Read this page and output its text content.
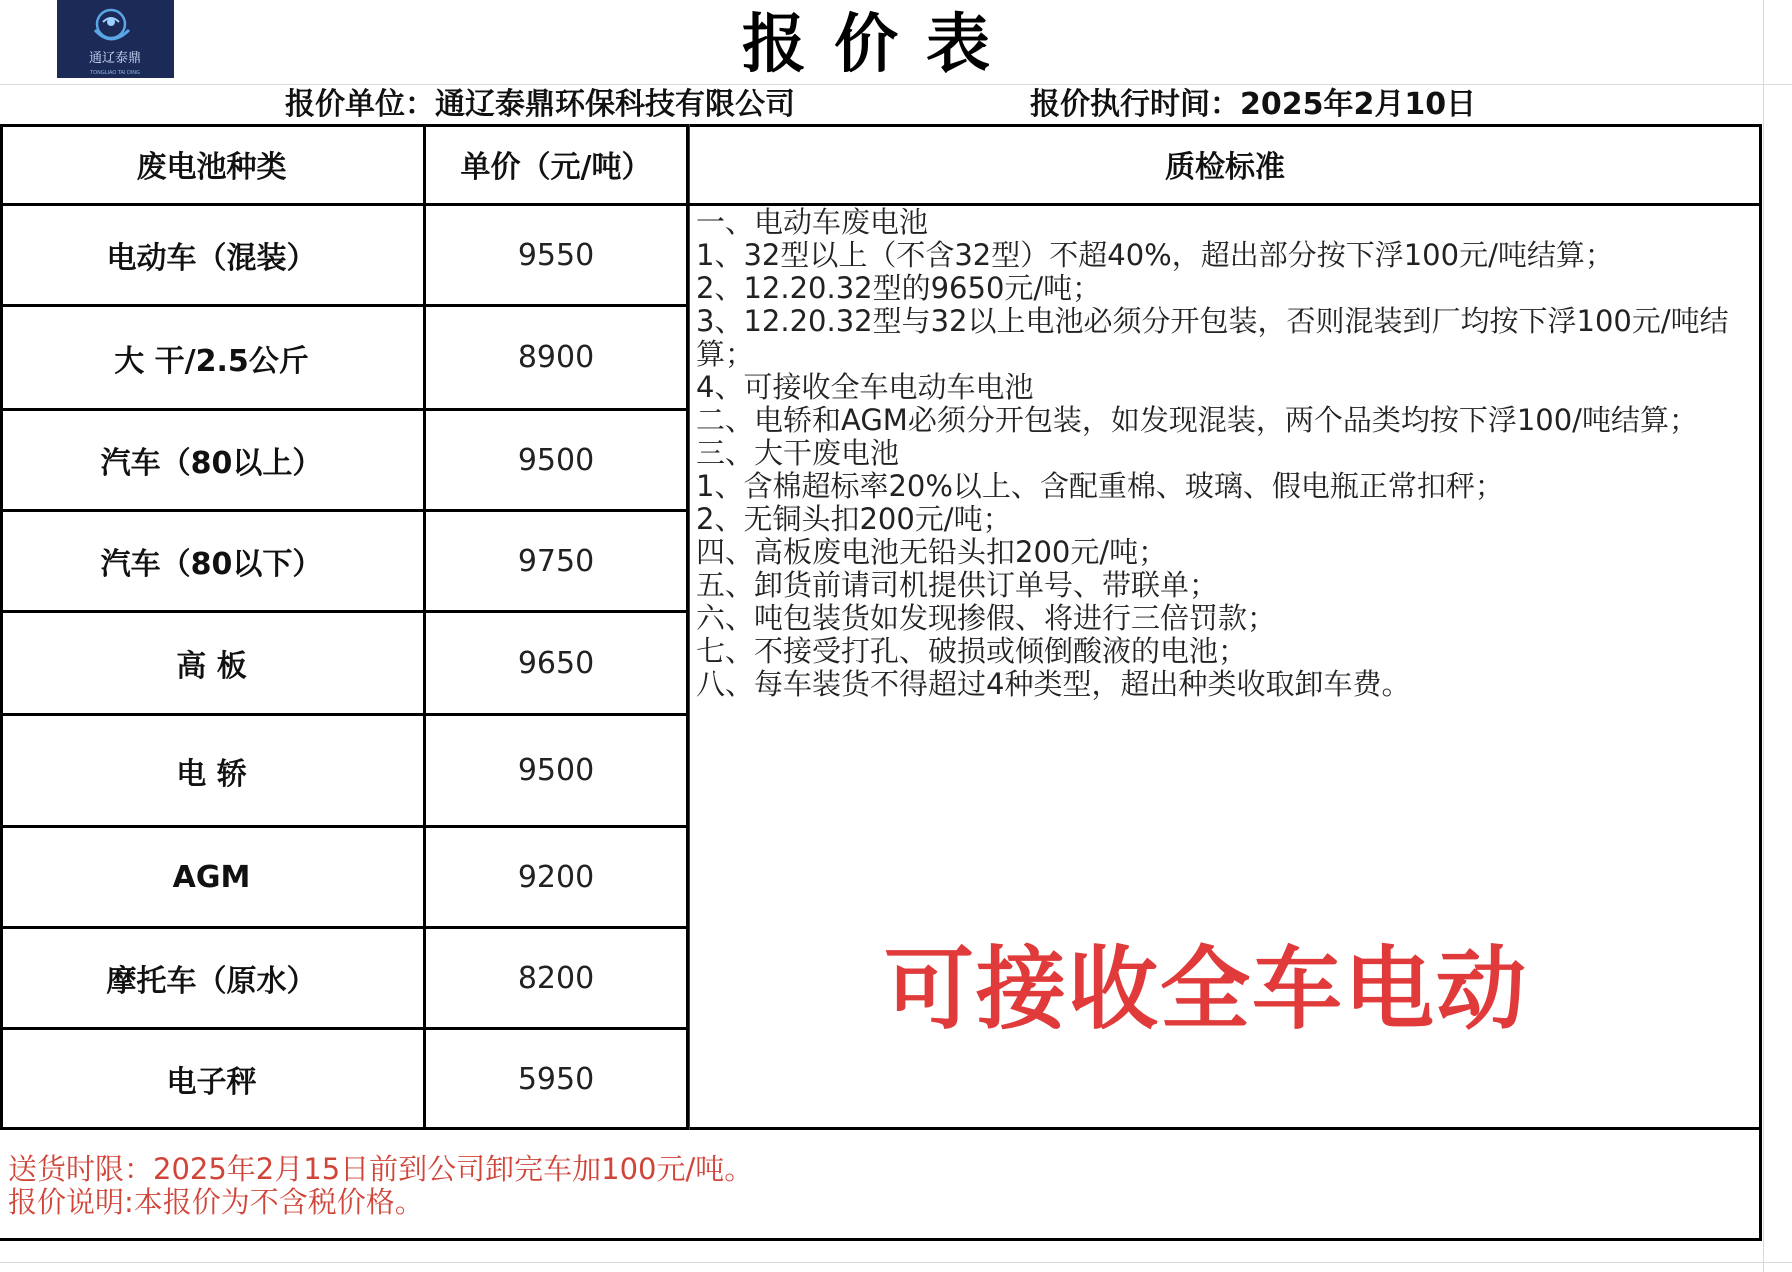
通辽泰鼎
TONGLIAO TAI DING	报价表
报价单位：通辽泰鼎环保科技有限公司	报价执行时间：2025年2月10日
废电池种类	单价（元/吨）	质检标准
电动车（混装）	9550
大 干/2.5公斤	8900
汽车（80以上）	9500
汽车（80以下）	9750
高 板	9650
电 轿	9500
AGM	9200
摩托车（原水）	8200
电子秤	5950
一、电动车废电池
1、32型以上（不含32型）不超40%，超出部分按下浮100元/吨结算；
2、12.20.32型的9650元/吨；
3、12.20.32型与32以上电池必须分开包装，否则混装到厂均按下浮100元/吨结算；
4、可接收全车电动车电池
二、电轿和AGM必须分开包装，如发现混装，两个品类均按下浮100/吨结算；
三、大干废电池
1、含棉超标率20%以上、含配重棉、玻璃、假电瓶正常扣秤；
2、无铜头扣200元/吨；
四、高板废电池无铅头扣200元/吨；
五、卸货前请司机提供订单号、带联单；
六、吨包装货如发现掺假、将进行三倍罚款；
七、不接受打孔、破损或倾倒酸液的电池；
八、每车装货不得超过4种类型，超出种类收取卸车费。
可接收全车电动
送货时限：2025年2月15日前到公司卸完车加100元/吨。
报价说明:本报价为不含税价格。
